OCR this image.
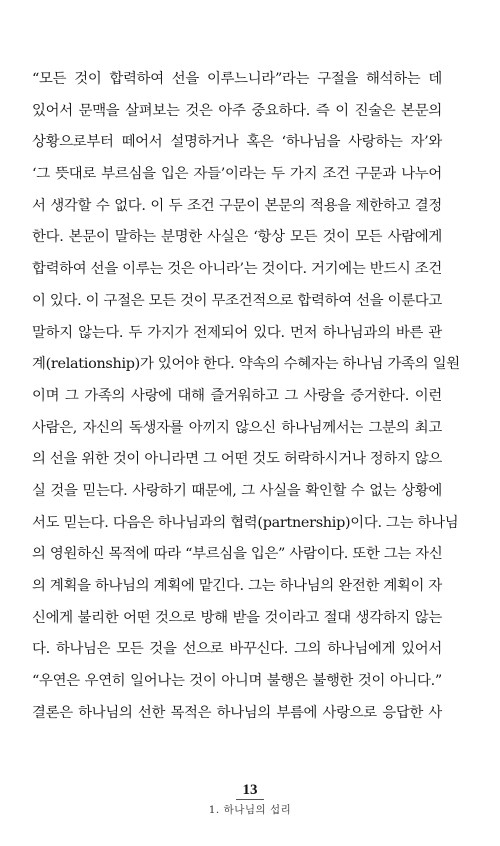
“모든 것이 합력하여 선을 이루느니라”라는 구절을 해석하는 데
있어서 문맥을 살펴보는 것은 아주 중요하다. 즉 이 진술은 본문의
상황으로부터 떼어서 설명하거나 혹은 ‘하나님을 사랑하는 자’와
‘그 뜻대로 부르심을 입은 자들’이라는 두 가지 조건 구문과 나누어
서 생각할 수 없다. 이 두 조건 구문이 본문의 적용을 제한하고 결정
한다. 본문이 말하는 분명한 사실은 ‘항상 모든 것이 모든 사람에게
합력하여 선을 이루는 것은 아니라’는 것이다. 거기에는 반드시 조건
이 있다. 이 구절은 모든 것이 무조건적으로 합력하여 선을 이룬다고
말하지 않는다. 두 가지가 전제되어 있다. 먼저 하나님과의 바른 관
계(relationship)가 있어야 한다. 약속의 수혜자는 하나님 가족의 일원
이며 그 가족의 사랑에 대해 즐거워하고 그 사랑을 증거한다. 이런
사람은, 자신의 독생자를 아끼지 않으신 하나님께서는 그분의 최고
의 선을 위한 것이 아니라면 그 어떤 것도 허락하시거나 정하지 않으
실 것을 믿는다. 사랑하기 때문에, 그 사실을 확인할 수 없는 상황에
서도 믿는다. 다음은 하나님과의 협력(partnership)이다. 그는 하나님
의 영원하신 목적에 따라 “부르심을 입은” 사람이다. 또한 그는 자신
의 계획을 하나님의 계획에 맡긴다. 그는 하나님의 완전한 계획이 자
신에게 불리한 어떤 것으로 방해 받을 것이라고 절대 생각하지 않는
다. 하나님은 모든 것을 선으로 바꾸신다. 그의 하나님에게 있어서
“우연은 우연히 일어나는 것이 아니며 불행은 불행한 것이 아니다.”
결론은 하나님의 선한 목적은 하나님의 부름에 사랑으로 응답한 사
13
1. 하나님의 섭리
